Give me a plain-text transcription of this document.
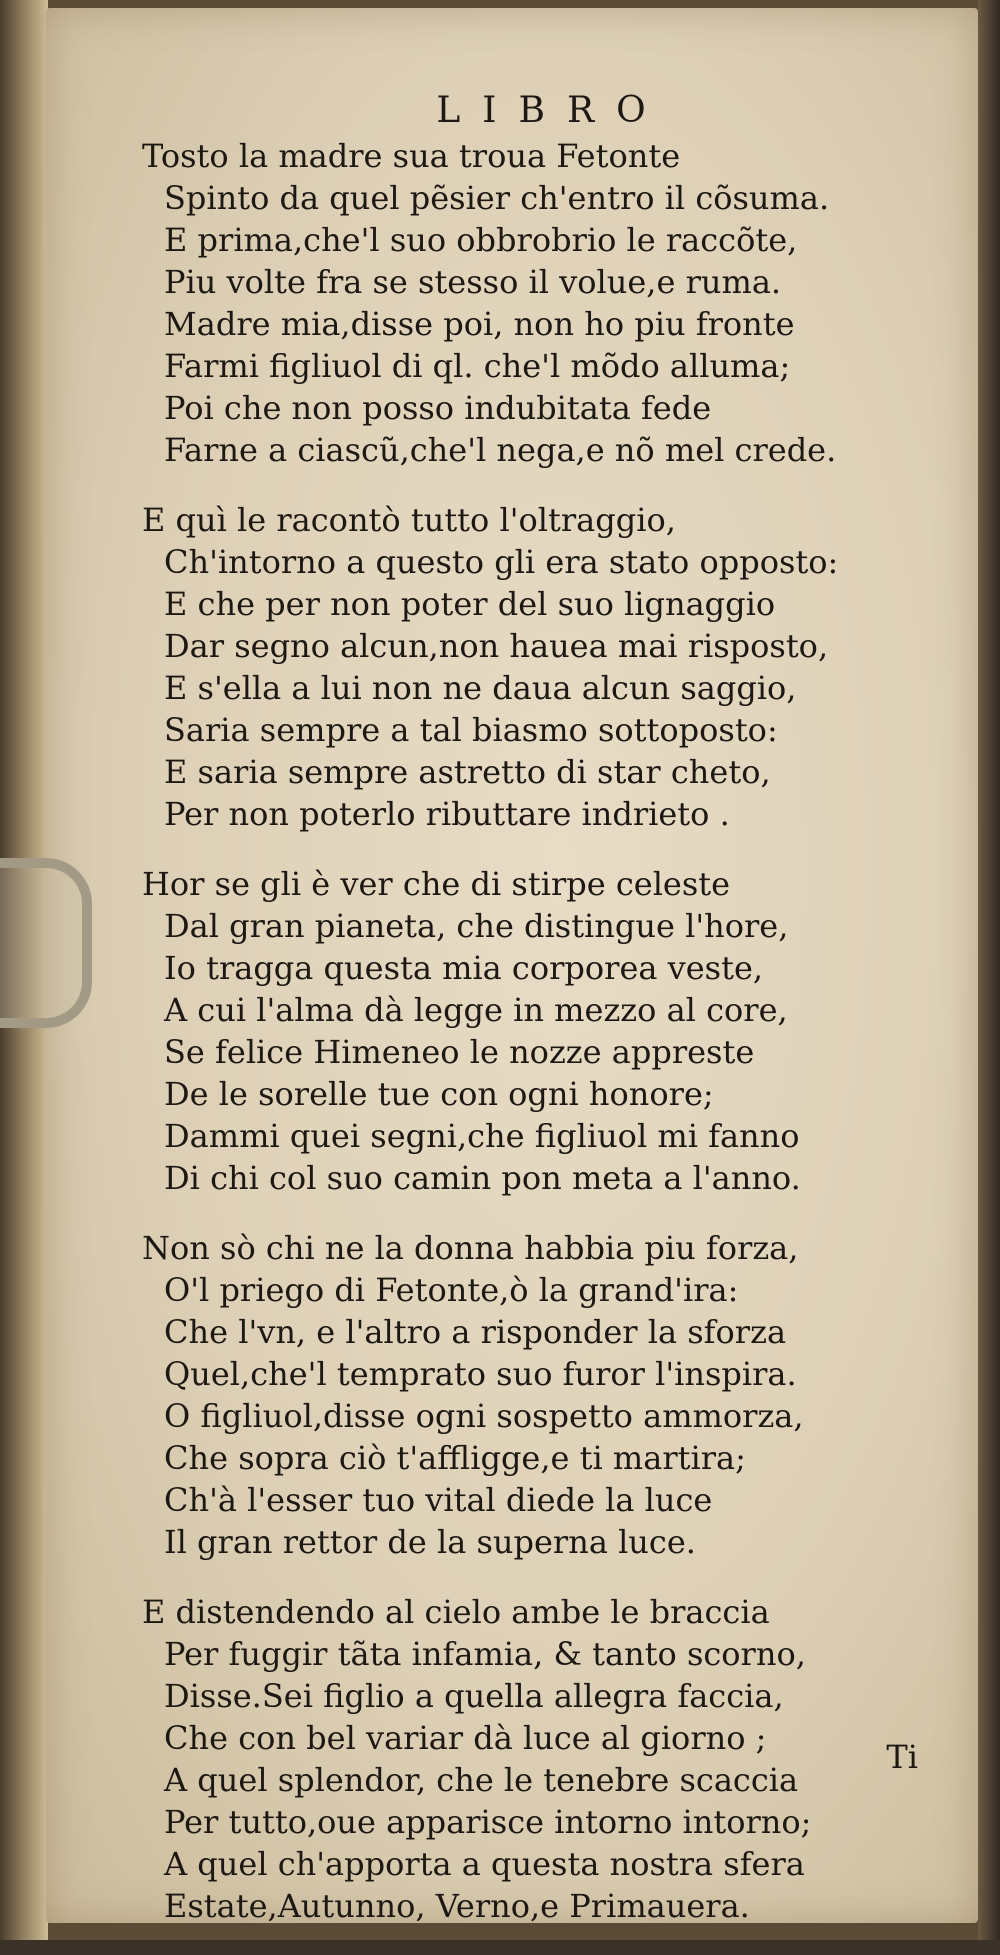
LIBRO
Tosto la madre sua troua Fetonte
Spinto da quel pẽsier ch'entro il cõsuma.
E prima,che'l suo obbrobrio le raccõte,
Piu volte fra se stesso il volue,e ruma.
Madre mia,disse poi, non ho piu fronte
Farmi figliuol di ql. che'l mõdo alluma;
Poi che non posso indubitata fede
Farne a ciascũ,che'l nega,e nõ mel crede.
E quì le racontò tutto l'oltraggio,
Ch'intorno a questo gli era stato opposto:
E che per non poter del suo lignaggio
Dar segno alcun,non hauea mai risposto,
E s'ella a lui non ne daua alcun saggio,
Saria sempre a tal biasmo sottoposto:
E saria sempre astretto di star cheto,
Per non poterlo ributtare indrieto .
Hor se gli è ver che di stirpe celeste
Dal gran pianeta, che distingue l'hore,
Io tragga questa mia corporea veste,
A cui l'alma dà legge in mezzo al core,
Se felice Himeneo le nozze appreste
De le sorelle tue con ogni honore;
Dammi quei segni,che figliuol mi fanno
Di chi col suo camin pon meta a l'anno.
Non sò chi ne la donna habbia piu forza,
O'l priego di Fetonte,ò la grand'ira:
Che l'vn, e l'altro a risponder la sforza
Quel,che'l temprato suo furor l'inspira.
O figliuol,disse ogni sospetto ammorza,
Che sopra ciò t'affligge,e ti martira;
Ch'à l'esser tuo vital diede la luce
Il gran rettor de la superna luce.
E distendendo al cielo ambe le braccia
Per fuggir tãta infamia, & tanto scorno,
Disse.Sei figlio a quella allegra faccia,
Che con bel variar dà luce al giorno ;
A quel splendor, che le tenebre scaccia
Per tutto,oue apparisce intorno intorno;
A quel ch'apporta a questa nostra sfera
Estate,Autunno, Verno,e Primauera.
Ti
